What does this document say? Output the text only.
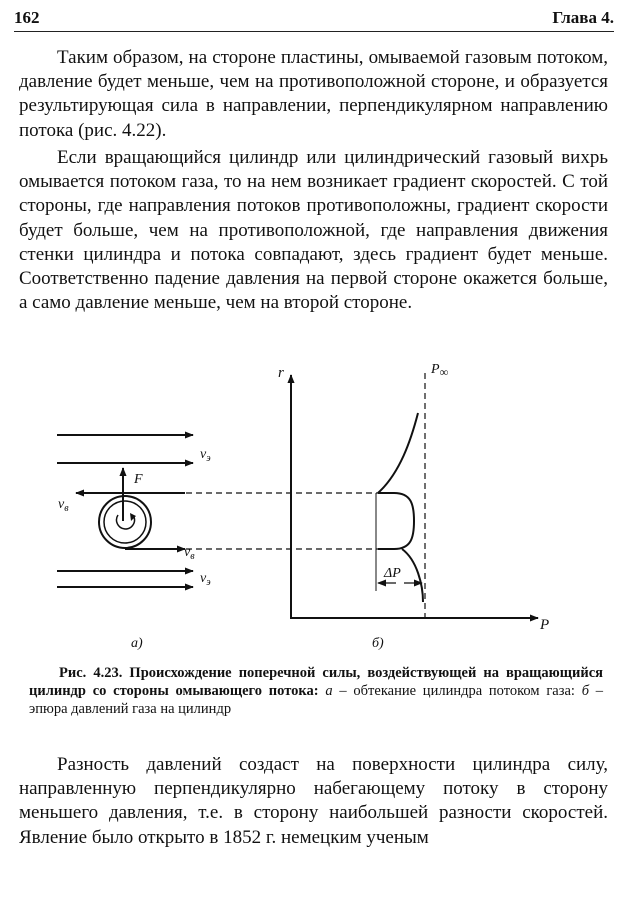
162	Глава 4.

Таким образом, на стороне пластины, омываемой газовым потоком, давление будет меньше, чем на противоположной стороне, и образуется результирующая сила в направлении, перпендикулярном направлению потока (рис. 4.22).

Если вращающийся цилиндр или цилиндрический газовый вихрь омывается потоком газа, то на нем возникает градиент скоростей. С той стороны, где направления потоков противоположны, градиент скорости будет больше, чем на противоположной, где направления движения стенки цилиндра и потока совпадают, здесь градиент будет меньше. Соответственно падение давления на первой стороне окажется больше, а само давление меньше, чем на второй стороне.

$v_э$
$v_в$
F
$v_в$
$v_э$
а)
r
P
P∞
ΔP
б)

Рис. 4.23. Происхождение поперечной силы, воздействующей на вращающийся цилиндр со стороны омывающего потока: а – обтекание цилиндра потоком газа: б – эпюра давлений газа на цилиндр

Разность давлений создаст на поверхности цилиндра силу, направленную перпендикулярно набегающему потоку в сторону меньшего давления, т.е. в сторону наибольшей разности скоростей. Явление было открыто в 1852 г. немецким ученым
